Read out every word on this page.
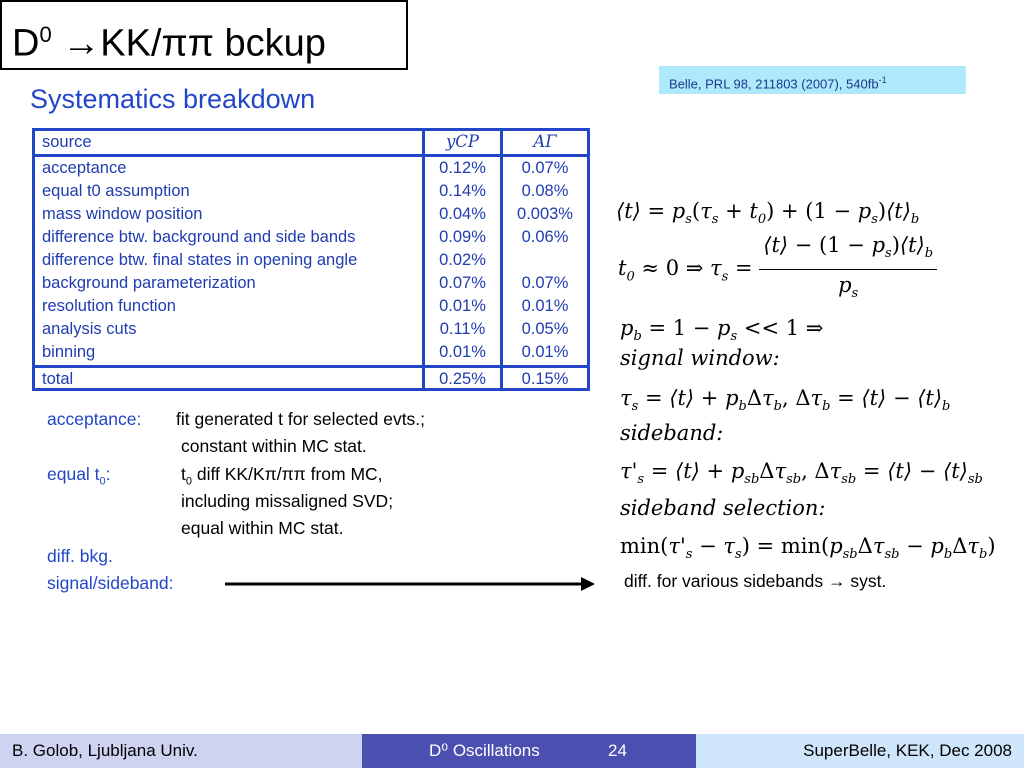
$D^0 \to KK/\pi\pi$ bckup
Belle, PRL 98, 211803 (2007), $540fb^{-1}$
Systematics breakdown
source	yCP	AΓ
acceptance	0.12%	0.07%
equal t0 assumption	0.14%	0.08%
mass window position	0.04%	0.003%
difference btw. background and side bands	0.09%	0.06%
difference btw. final states in opening angle	0.02%
background parameterization	0.07%	0.07%
resolution function	0.01%	0.01%
analysis cuts	0.11%	0.05%
binning	0.01%	0.01%
total	0.25%	0.15%
acceptance: fit generated t for selected evts.;
constant within MC stat.
equal $t_0$:	$t_0$ diff KK/Kπ/ππ from MC,
including missaligned SVD;
equal within MC stat.
diff. bkg.
signal/sideband:	diff. for various sidebands → syst.
⟨t⟩ = $p_s(\tau_s + t_0) + (1$ − $p_s)⟨t⟩_b$
$t_0 \approx 0$ ⇒ $\tau_s = \frac{⟨t⟩ - (1 - p_s)⟨t⟩_b}{p_s}$
$p_b = 1 - p_s << 1$ ⇒
signal window:
$\tau_s$ = ⟨t⟩ + $p_b\Delta\tau_b$, $\Delta\tau_b$ = ⟨t⟩ − $⟨t⟩_b$
sideband:
$\tau'_s$ = ⟨t⟩ + $p_{sb}\Delta\tau_{sb}$, $\Delta\tau_{sb}$ = ⟨t⟩ − $⟨t⟩_{sb}$
sideband selection:
$\min(\tau'_s - \tau_s) = \min(p_{sb}\Delta\tau_{sb} - p_b\Delta\tau_b)$
B. Golob, Ljubljana Univ.	D⁰ Oscillations	24	SuperBelle, KEK, Dec 2008
